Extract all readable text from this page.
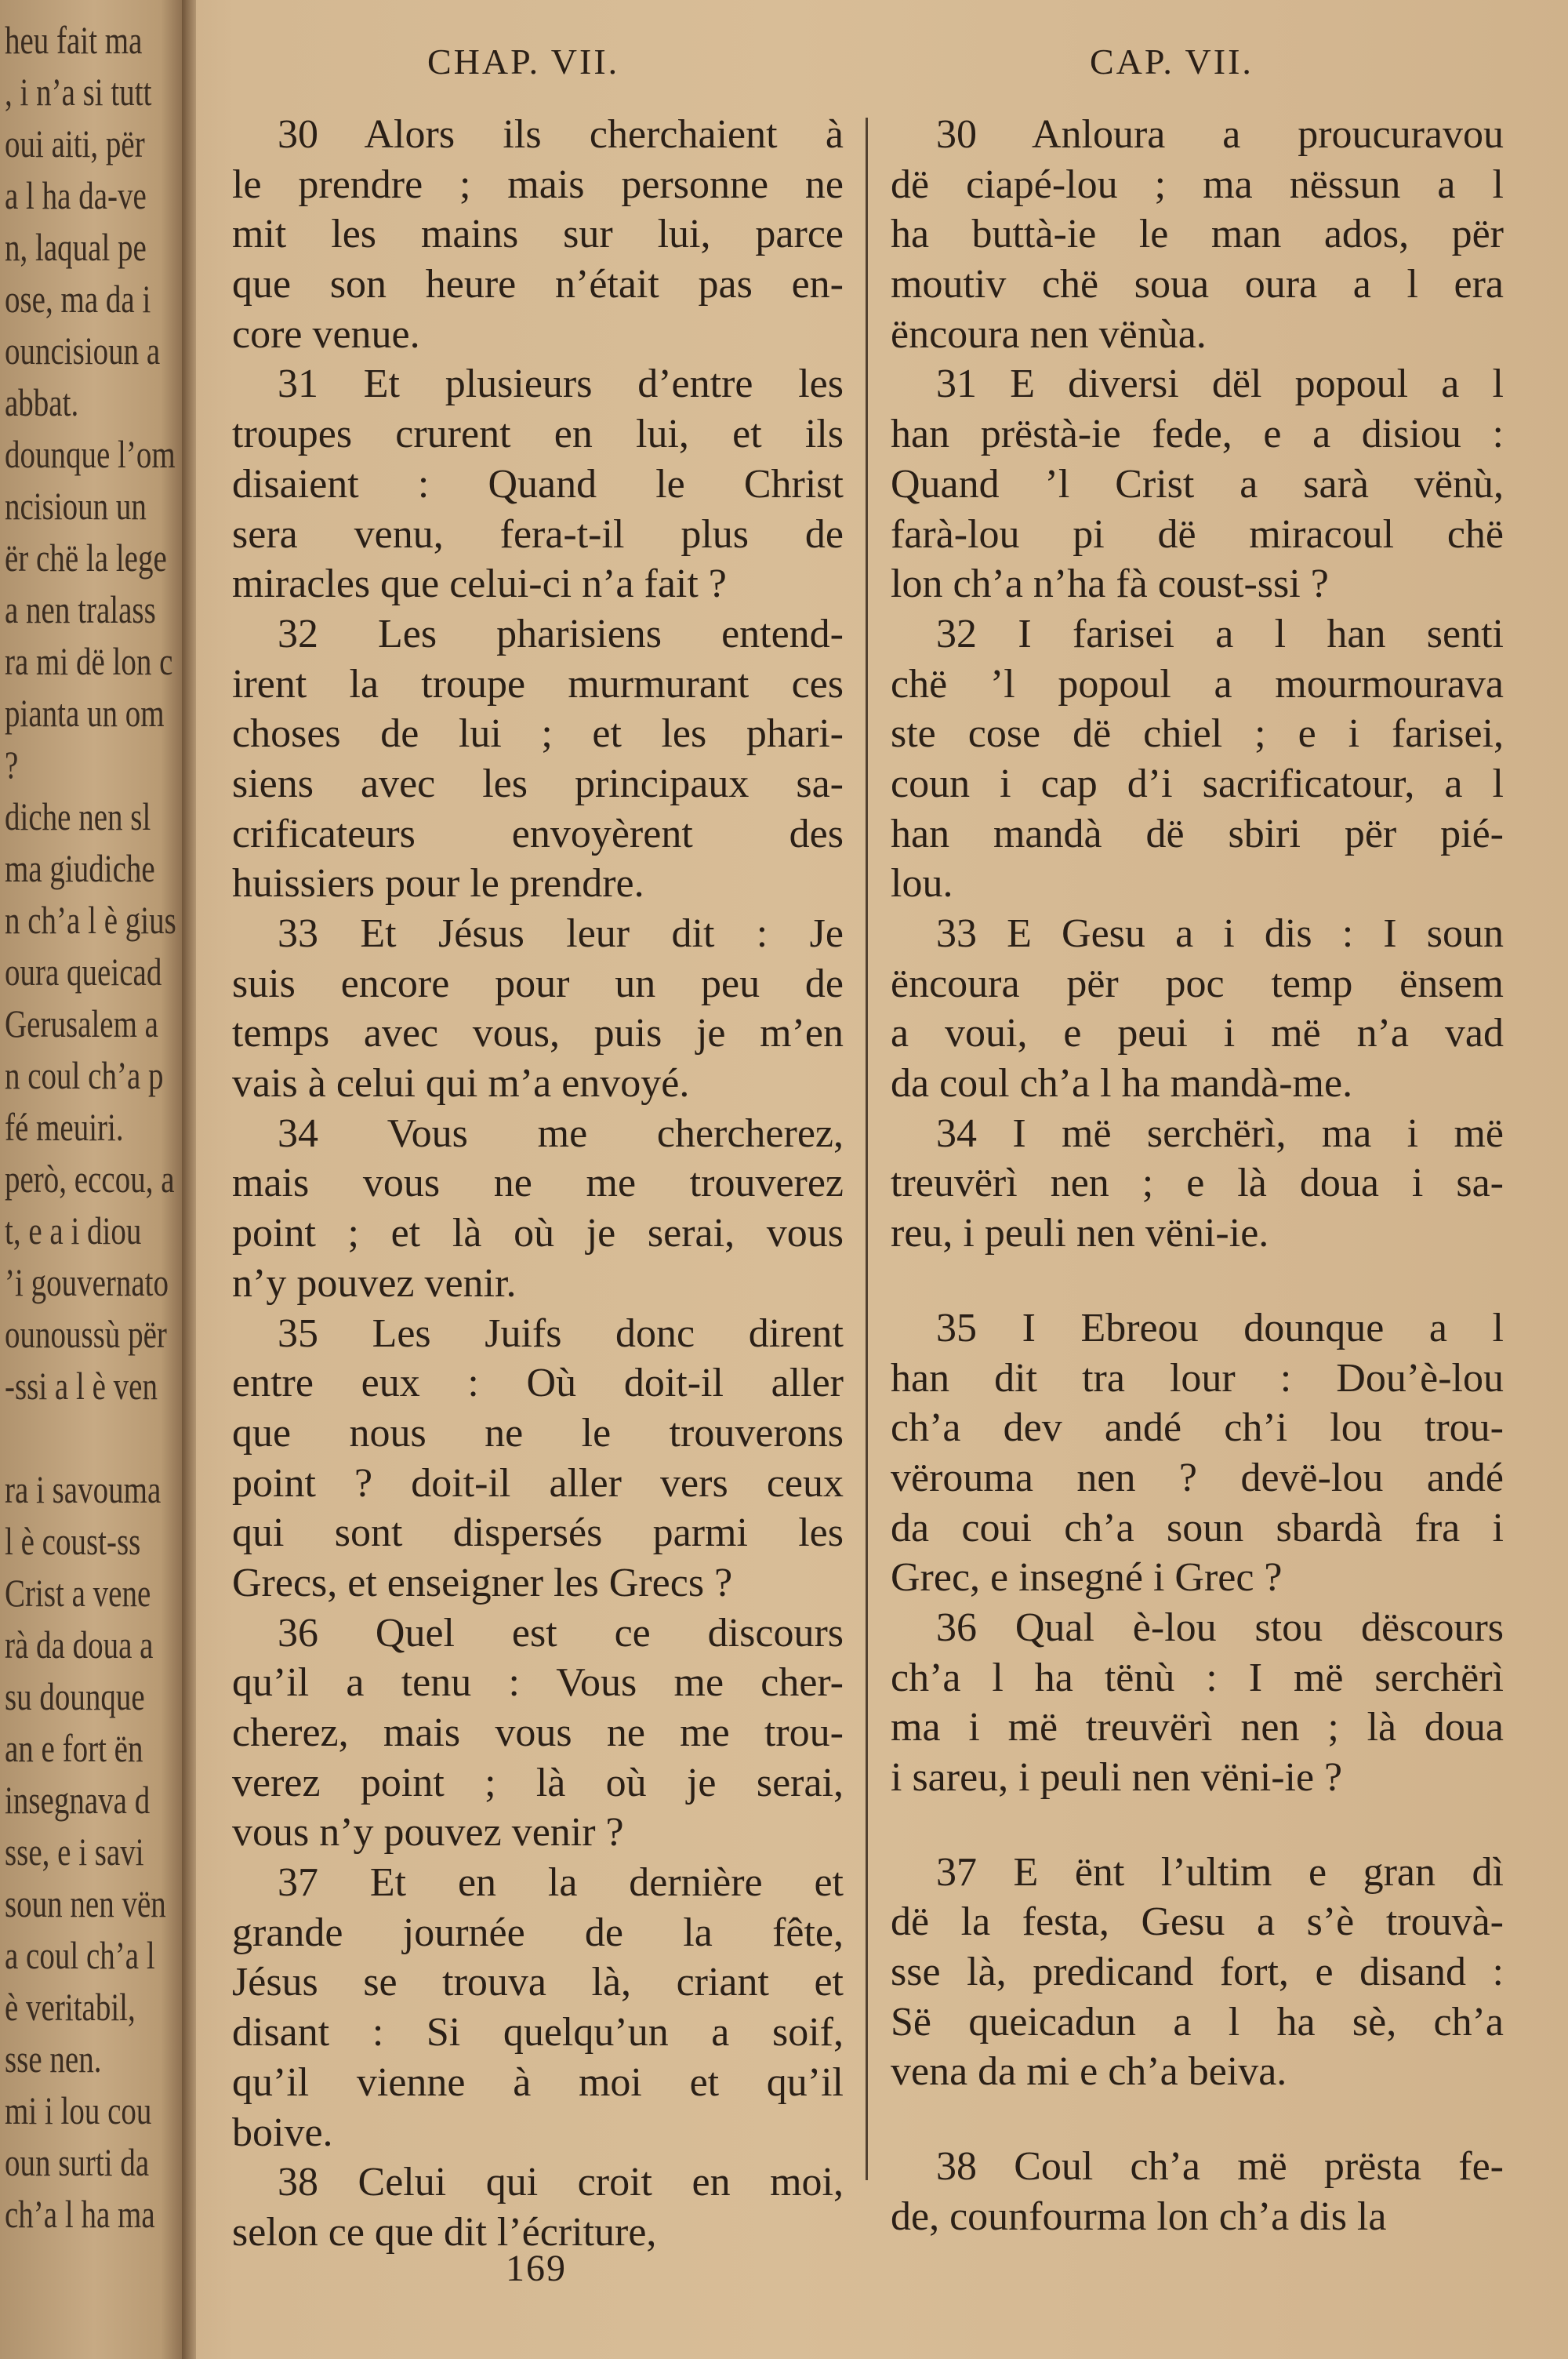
heu fait ma
, i n’a si tutt
oui aiti, për
a l ha da-ve
n, laqual pe
ose, ma da i
ouncisioun a
abbat.
dounque l’om
ncisioun un
ër chë la lege
a nen tralass
ra mi dë lon c
pianta un om
?
diche nen sl
ma giudiche
n ch’a l è gius
oura queicad
Gerusalem a
n coul ch’a p
fé meuiri.
però, eccou, a
t, e a i diou
’i gouvernato
ounoussù për
-ssi a l è ven
ra i savouma
l è coust-ss
Crist a vene
rà da doua a
su dounque
an e fort ën
insegnava d
sse, e i savi
soun nen vën
a coul ch’a l
è veritabil,
sse nen.
mi i lou cou
oun surti da
ch’a l ha ma
CHAP. VII.	CAP. VII.
30 Alors ils cherchaient à
le prendre ; mais personne ne
mit les mains sur lui, parce
que son heure n’était pas en-
core venue.
31 Et plusieurs d’entre les
troupes crurent en lui, et ils
disaient : Quand le Christ
sera venu, fera-t-il plus de
miracles que celui-ci n’a fait ?
32 Les pharisiens entend-
irent la troupe murmurant ces
choses de lui ; et les phari-
siens avec les principaux sa-
crificateurs envoyèrent des
huissiers pour le prendre.
33 Et Jésus leur dit : Je
suis encore pour un peu de
temps avec vous, puis je m’en
vais à celui qui m’a envoyé.
34 Vous me chercherez,
mais vous ne me trouverez
point ; et là où je serai, vous
n’y pouvez venir.
35 Les Juifs donc dirent
entre eux : Où doit-il aller
que nous ne le trouverons
point ? doit-il aller vers ceux
qui sont dispersés parmi les
Grecs, et enseigner les Grecs ?
36 Quel est ce discours
qu’il a tenu : Vous me cher-
cherez, mais vous ne me trou-
verez point ; là où je serai,
vous n’y pouvez venir ?
37 Et en la dernière et
grande journée de la fête,
Jésus se trouva là, criant et
disant : Si quelqu’un a soif,
qu’il vienne à moi et qu’il
boive.
38 Celui qui croit en moi,
selon ce que dit l’écriture,
30 Anloura a proucuravou
dë ciapé-lou ; ma nëssun a l
ha buttà-ie le man ados, për
moutiv chë soua oura a l era
ëncoura nen vënùa.
31 E diversi dël popoul a l
han prëstà-ie fede, e a disiou :
Quand ’l Crist a sarà vënù,
farà-lou pi dë miracoul chë
lon ch’a n’ha fà coust-ssi ?
32 I farisei a l han senti
chë ’l popoul a mourmourava
ste cose dë chiel ; e i farisei,
coun i cap d’i sacrificatour, a l
han mandà dë sbiri për pié-
lou.
33 E Gesu a i dis : I soun
ëncoura për poc temp ënsem
a voui, e peui i më n’a vad
da coul ch’a l ha mandà-me.
34 I më serchërì, ma i më
treuvërì nen ; e là doua i sa-
reu, i peuli nen vëni-ie.
35 I Ebreou dounque a l
han dit tra lour : Dou’è-lou
ch’a dev andé ch’i lou trou-
vërouma nen ? devë-lou andé
da coui ch’a soun sbardà fra i
Grec, e insegné i Grec ?
36 Qual è-lou stou dëscours
ch’a l ha tënù : I më serchërì
ma i më treuvërì nen ; là doua
i sareu, i peuli nen vëni-ie ?
37 E ënt l’ultim e gran dì
dë la festa, Gesu a s’è trouvà-
sse là, predicand fort, e disand :
Së queicadun a l ha sè, ch’a
vena da mi e ch’a beiva.
38 Coul ch’a më prësta fe-
de, counfourma lon ch’a dis la
169
